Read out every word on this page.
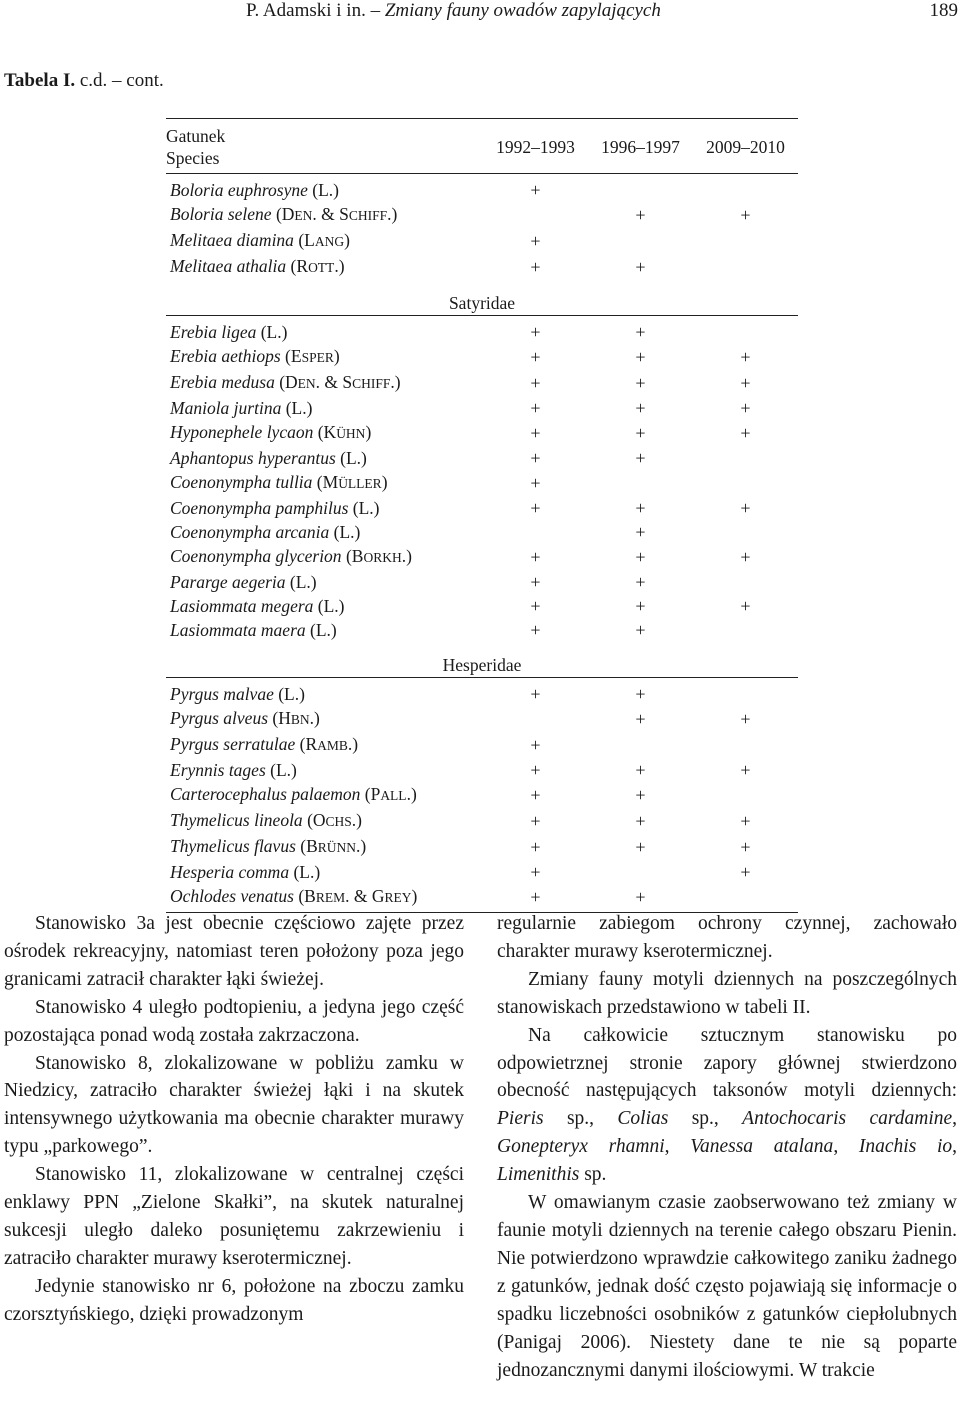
P. Adamski i in. – Zmiany fauny owadów zapylających	189
Tabela I. c.d. – cont.
Gatunek
Species	1992–1993	1996–1997	2009–2010
Boloria euphrosyne (L.)	+		
Boloria selene (DEN. & SCHIFF.)		+	+
Melitaea diamina (LANG)	+		
Melitaea athalia (ROTT.)	+	+	
Satyridae			
Erebia ligea (L.)	+	+	
Erebia aethiops (ESPER)	+	+	+
Erebia medusa (DEN. & SCHIFF.)	+	+	+
Maniola jurtina (L.)	+	+	+
Hyponephele lycaon (KÜHN)	+	+	+
Aphantopus hyperantus (L.)	+	+	
Coenonympha tullia (MÜLLER)	+		
Coenonympha pamphilus (L.)	+	+	+
Coenonympha arcania (L.)		+	
Coenonympha glycerion (BORKH.)	+	+	+
Pararge aegeria (L.)	+	+	
Lasiommata megera (L.)	+	+	+
Lasiommata maera (L.)	+	+	
Hesperidae			
Pyrgus malvae (L.)	+	+	
Pyrgus alveus (HBN.)		+	+
Pyrgus serratulae (RAMB.)	+		
Erynnis tages (L.)	+	+	+
Carterocephalus palaemon (PALL.)	+	+	
Thymelicus lineola (OCHS.)	+	+	+
Thymelicus flavus (BRÜNN.)	+	+	+
Hesperia comma (L.)	+		+
Ochlodes venatus (BREM. & GREY)	+	+	

Stanowisko 3a jest obecnie częściowo zajęte przez ośrodek rekreacyjny, natomiast teren położony poza jego granicami zatracił charakter łąki świeżej.

Stanowisko 4 uległo podtopieniu, a jedyna jego część pozostająca ponad wodą została zakrzaczona.

Stanowisko 8, zlokalizowane w pobliżu zamku w Niedzicy, zatraciło charakter świeżej łąki i na skutek intensywnego użytkowania ma obecnie charakter murawy typu „parkowego”.

Stanowisko 11, zlokalizowane w centralnej części enklawy PPN „Zielone Skałki”, na skutek naturalnej sukcesji uległo daleko posuniętemu zakrzewieniu i zatraciło charakter murawy kserotermicznej.

Jedynie stanowisko nr 6, położone na zboczu zamku czorsztyńskiego, dzięki prowadzonym

regularnie zabiegom ochrony czynnej, zachowało charakter murawy kserotermicznej.

Zmiany fauny motyli dziennych na poszczególnych stanowiskach przedstawiono w tabeli II.

Na całkowicie sztucznym stanowisku po odpowietrznej stronie zapory głównej stwierdzono obecność następujących taksonów motyli dziennych: Pieris sp., Colias sp., Antochocaris cardamine, Gonepteryx rhamni, Vanessa atalana, Inachis io, Limenithis sp.

W omawianym czasie zaobserwowano też zmiany w faunie motyli dziennych na terenie całego obszaru Pienin. Nie potwierdzono wprawdzie całkowitego zaniku żadnego z gatunków, jednak dość często pojawiają się informacje o spadku liczebności osobników z gatunków ciepłolubnych (Panigaj 2006). Niestety dane te nie są poparte jednozancznymi danymi ilościowymi. W trakcie
